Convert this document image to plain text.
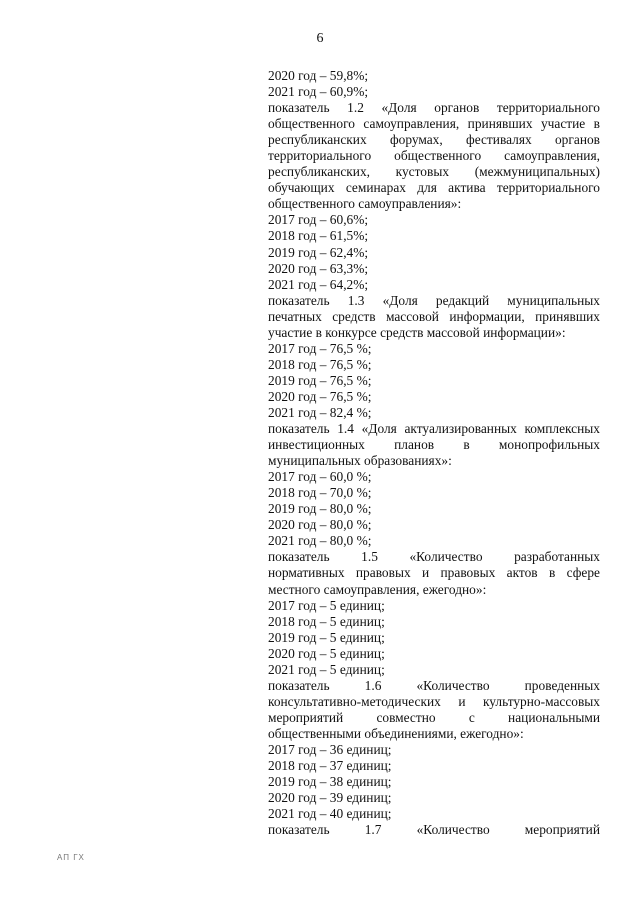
6
2020 год – 59,8%;
2021 год – 60,9%;
показатель 1.2 «Доля органов территориального
общественного самоуправления, принявших участие в
республиканских форумах, фестивалях органов
территориального общественного самоуправления,
республиканских, кустовых (межмуниципальных)
обучающих семинарах для актива территориального
общественного самоуправления»:
2017 год – 60,6%;
2018 год – 61,5%;
2019 год – 62,4%;
2020 год – 63,3%;
2021 год – 64,2%;
показатель 1.3 «Доля редакций муниципальных
печатных средств массовой информации, принявших
участие в конкурсе средств массовой информации»:
2017 год – 76,5 %;
2018 год – 76,5 %;
2019 год – 76,5 %;
2020 год – 76,5 %;
2021 год – 82,4 %;
показатель 1.4 «Доля актуализированных комплексных
инвестиционных планов в монопрофильных
муниципальных образованиях»:
2017 год – 60,0 %;
2018 год – 70,0 %;
2019 год – 80,0 %;
2020 год – 80,0 %;
2021 год – 80,0 %;
показатель 1.5 «Количество разработанных
нормативных правовых и правовых актов в сфере
местного самоуправления, ежегодно»:
2017 год – 5 единиц;
2018 год – 5 единиц;
2019 год – 5 единиц;
2020 год – 5 единиц;
2021 год – 5 единиц;
показатель 1.6 «Количество проведенных
консультативно-методических и культурно-массовых
мероприятий совместно с национальными
общественными объединениями, ежегодно»:
2017 год – 36 единиц;
2018 год – 37 единиц;
2019 год – 38 единиц;
2020 год – 39 единиц;
2021 год – 40 единиц;
показатель 1.7 «Количество мероприятий
АП ГХ
